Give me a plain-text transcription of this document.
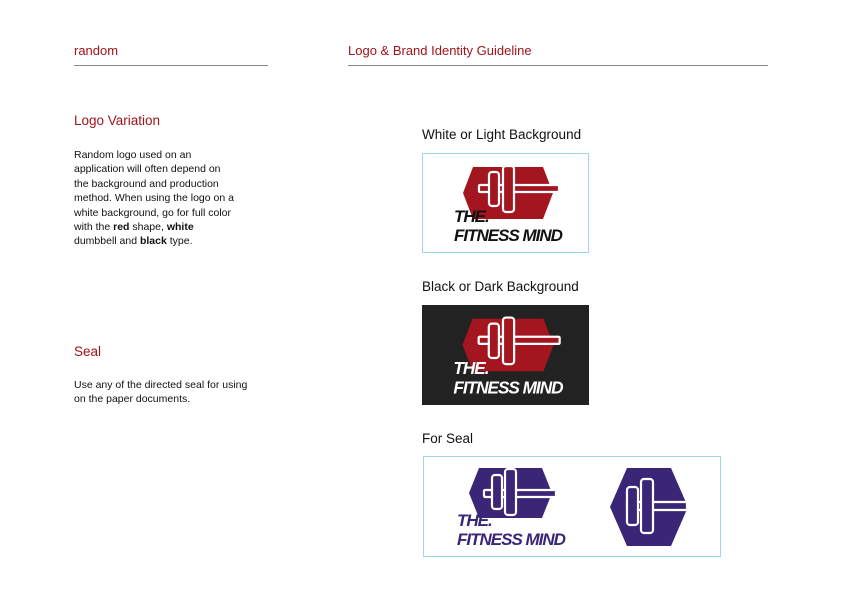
random	Logo & Brand Identity Guideline
Logo Variation
Random logo used on an application will often depend on the background and production method. When using the logo on a white background, go for full color with the red shape, white dumbbell and black type.
Seal
Use any of the directed seal for using on the paper documents.
White or Light Background
THE.
FITNESS MIND
Black or Dark Background
THE.
FITNESS MIND
For Seal
THE.
FITNESS MIND
